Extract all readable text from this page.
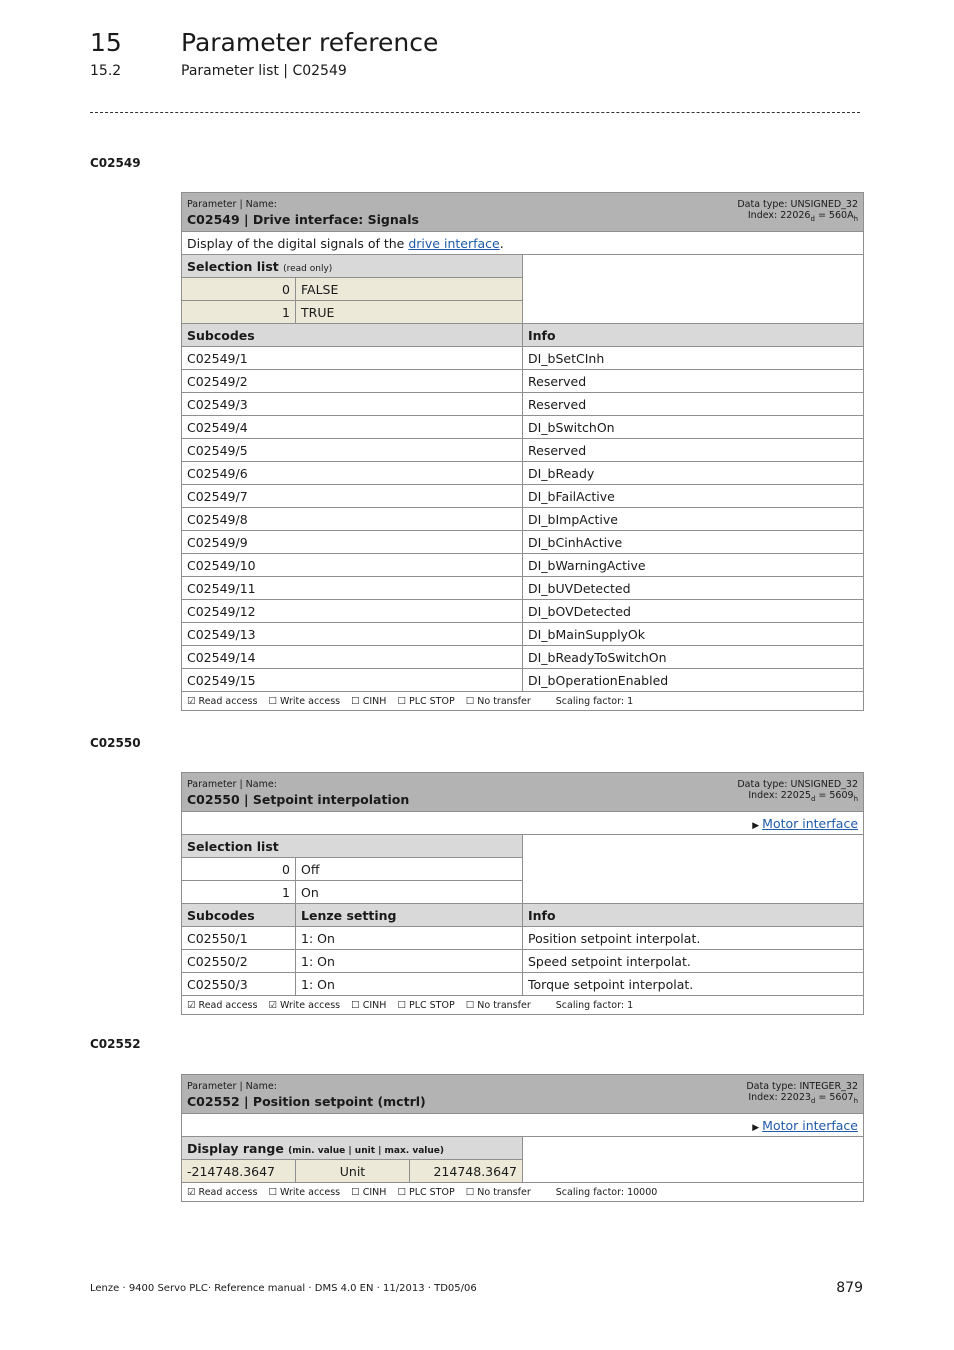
15 Parameter reference
15.2	Parameter list | C02549
C02549
Parameter | Name:
C02549 | Drive interface: Signals
Data type: UNSIGNED_32
Index: $22026_d = 560A_h$

Display of the digital signals of the drive interface.		
Selection list (read only)		
0	FALSE	
1	TRUE	
Subcodes		Info
C02549/1		DI_bSetCInh
C02549/2		Reserved
C02549/3		Reserved
C02549/4		DI_bSwitchOn
C02549/5		Reserved
C02549/6		DI_bReady
C02549/7		DI_bFailActive
C02549/8		DI_bImpActive
C02549/9		DI_bCinhActive
C02549/10		DI_bWarningActive
C02549/11		DI_bUVDetected
C02549/12		DI_bOVDetected
C02549/13		DI_bMainSupplyOk
C02549/14		DI_bReadyToSwitchOn
C02549/15		DI_bOperationEnabled
☑ Read access ☐ Write access ☐ CINH ☐ PLC STOP ☐ No transfer Scaling factor: 1		
C02550
Parameter | Name:
C02550 | Setpoint interpolation
Data type: UNSIGNED_32
Index: $22025_d = 5609_h$

▶ Motor interface		
Selection list		
0	Off	
1	On	
Subcodes	Lenze setting	Info
C02550/1	1: On	Position setpoint interpolat.
C02550/2	1: On	Speed setpoint interpolat.
C02550/3	1: On	Torque setpoint interpolat.
☑ Read access ☑ Write access ☐ CINH ☐ PLC STOP ☐ No transfer Scaling factor: 1		
C02552
Parameter | Name:
C02552 | Position setpoint (mctrl)
Data type: INTEGER_32
Index: $22023_d = 5607_h$

▶ Motor interface			
Display range (min. value | unit | max. value)			
-214748.3647	Unit	214748.3647	
☑ Read access ☐ Write access ☐ CINH ☐ PLC STOP ☐ No transfer Scaling factor: 10000			
Lenze · 9400 Servo PLC· Reference manual · DMS 4.0 EN · 11/2013 · TD05/06	879
